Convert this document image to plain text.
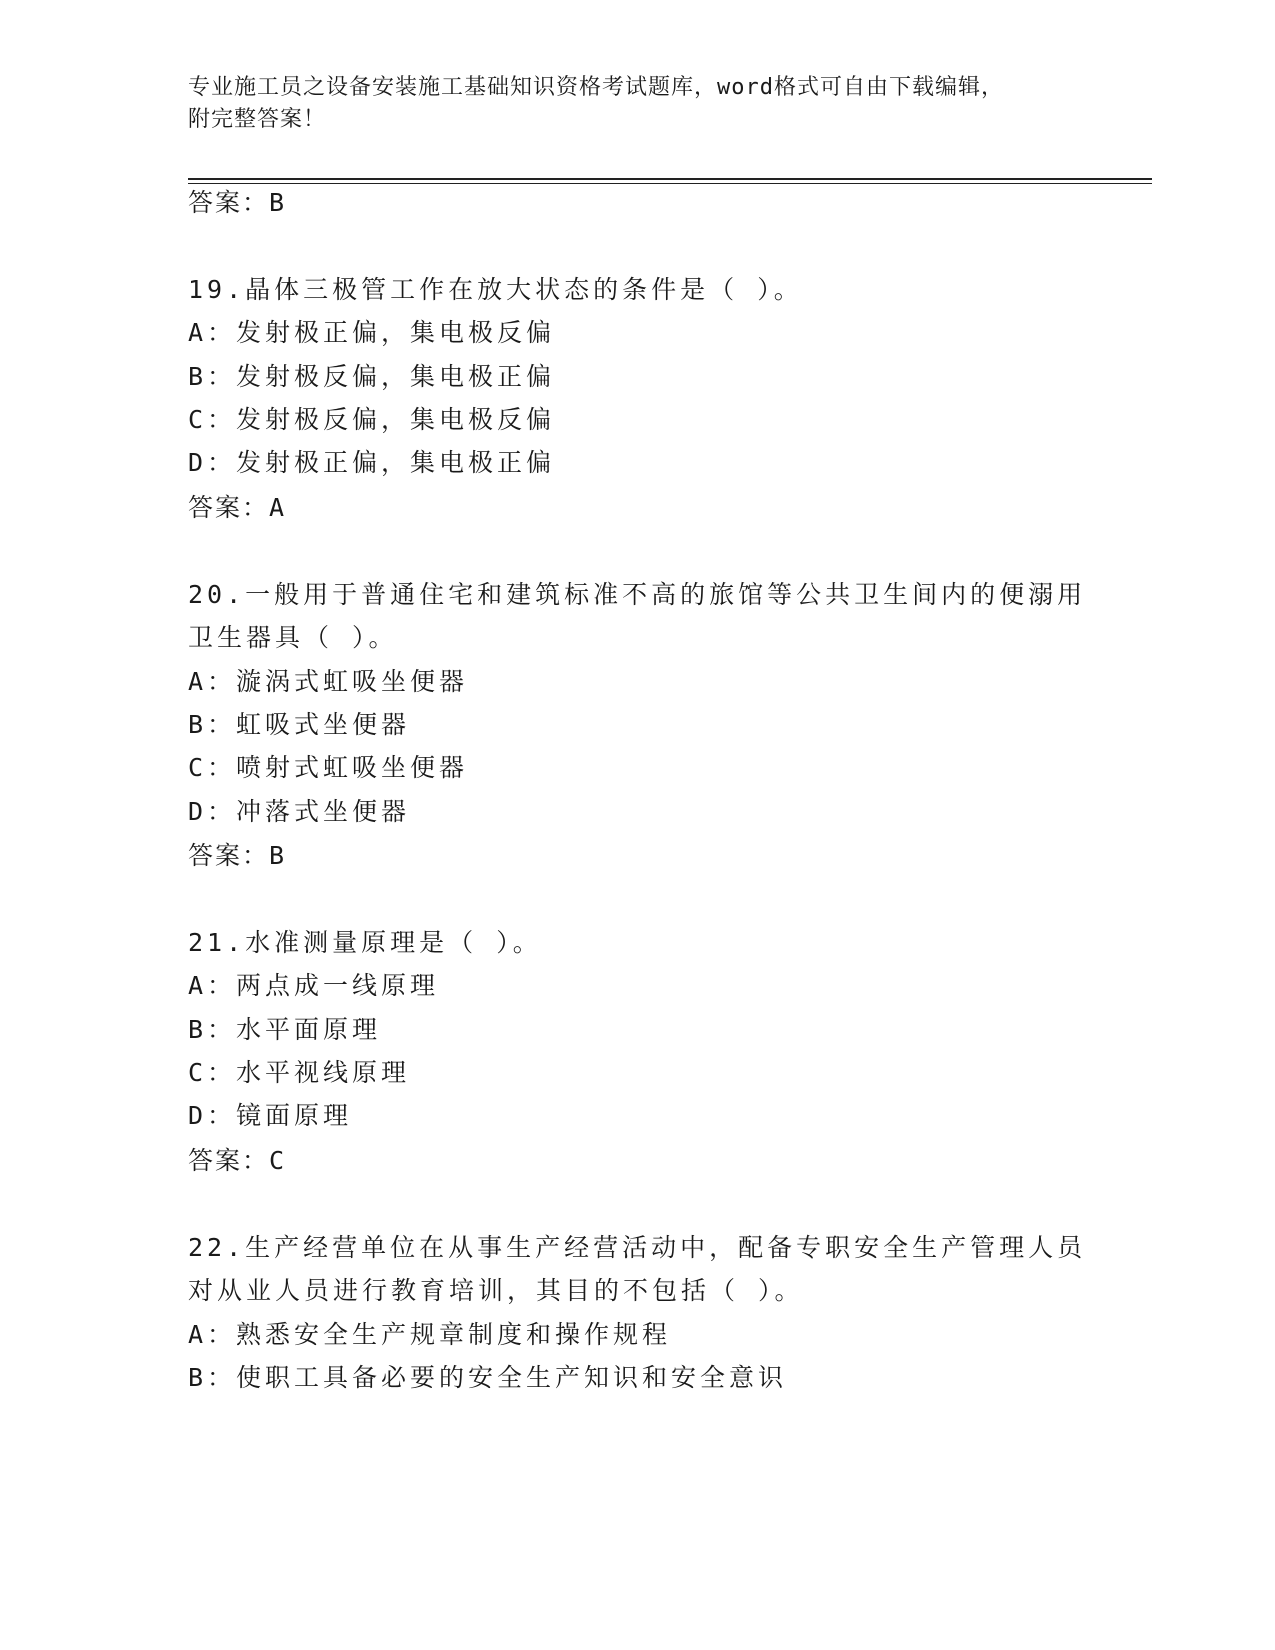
专业施工员之设备安装施工基础知识资格考试题库，word格式可自由下载编辑，
附完整答案！
答案：B
19.晶体三极管工作在放大状态的条件是（ ）。
A：发射极正偏，集电极反偏
B：发射极反偏，集电极正偏
C：发射极反偏，集电极反偏
D：发射极正偏，集电极正偏
答案：A
20.一般用于普通住宅和建筑标准不高的旅馆等公共卫生间内的便溺用
卫生器具（ ）。
A：漩涡式虹吸坐便器
B：虹吸式坐便器
C：喷射式虹吸坐便器
D：冲落式坐便器
答案：B
21.水准测量原理是（ ）。
A：两点成一线原理
B：水平面原理
C：水平视线原理
D：镜面原理
答案：C
22.生产经营单位在从事生产经营活动中，配备专职安全生产管理人员
对从业人员进行教育培训，其目的不包括（ ）。
A：熟悉安全生产规章制度和操作规程
B：使职工具备必要的安全生产知识和安全意识
